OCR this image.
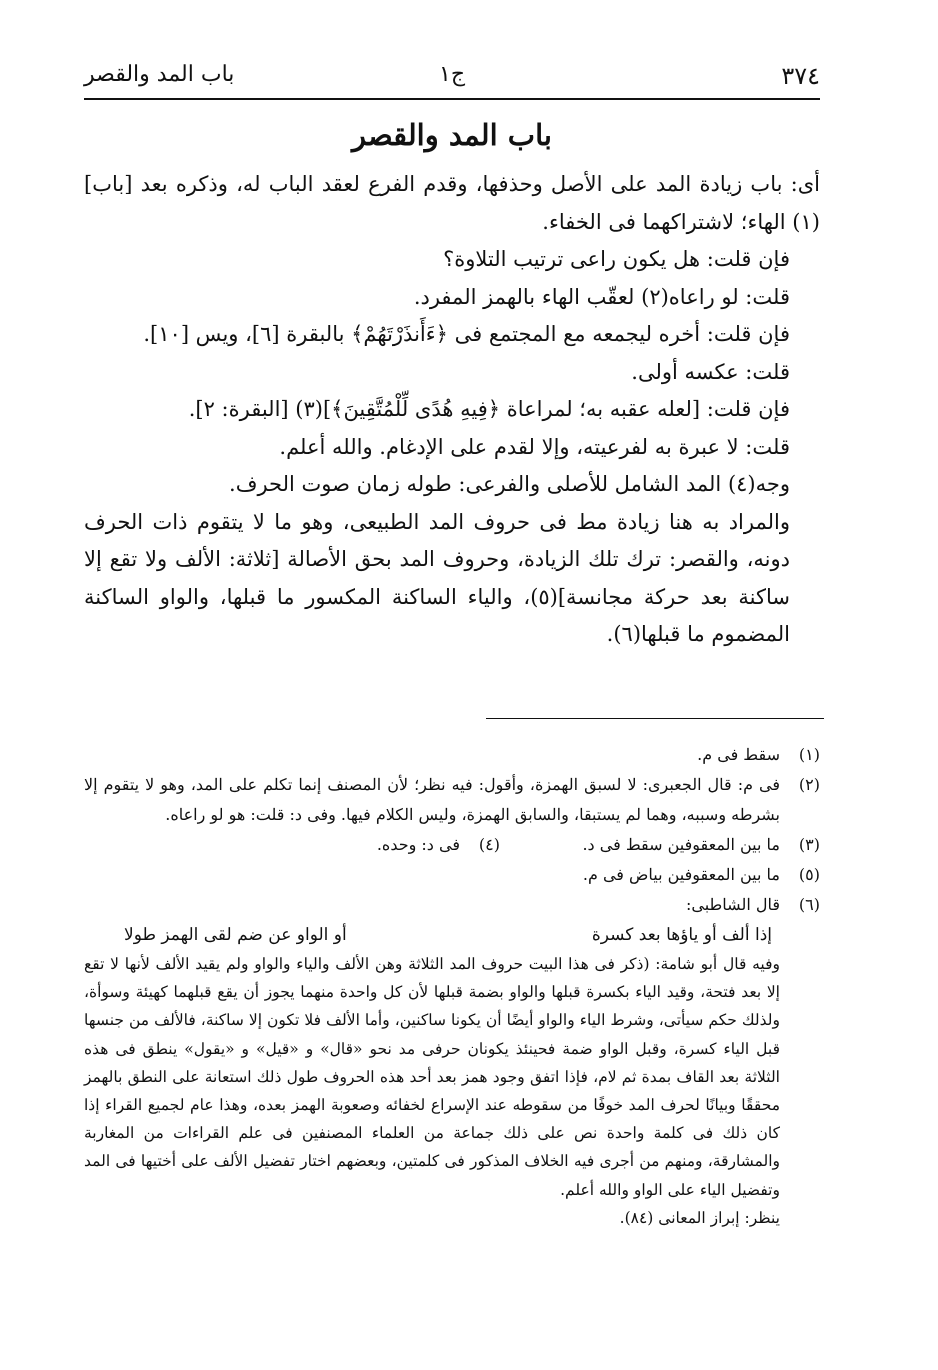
٣٧٤
ج١
باب المد والقصر
باب المد والقصر

أى: باب زيادة المد على الأصل وحذفها، وقدم الفرع لعقد الباب له، وذكره بعد [باب](١) الهاء؛ لاشتراكهما فى الخفاء.

فإن قلت: هل يكون راعى ترتيب التلاوة؟

قلت: لو راعاه(٢) لعقّب الهاء بالهمز المفرد.

فإن قلت: أخره ليجمعه مع المجتمع فى ﴿ءَأَنذَرْتَهُمْ﴾ بالبقرة [٦]، ويس [١٠].

قلت: عكسه أولى.

فإن قلت: [لعله عقبه به؛ لمراعاة ﴿فِيهِ هُدًى لِّلْمُتَّقِينَ﴾](٣) [البقرة: ٢].

قلت: لا عبرة به لفرعيته، وإلا لقدم على الإدغام. والله أعلم.

وجه(٤) المد الشامل للأصلى والفرعى: طوله زمان صوت الحرف.

والمراد به هنا زيادة مط فى حروف المد الطبيعى، وهو ما لا يتقوم ذات الحرف دونه، والقصر: ترك تلك الزيادة، وحروف المد بحق الأصالة [ثلاثة: الألف ولا تقع إلا ساكنة بعد حركة مجانسة](٥)، والياء الساكنة المكسور ما قبلها، والواو الساكنة المضموم ما قبلها(٦).

(١)
سقط فى م.
(٢)
فى م: قال الجعبرى: لا لسبق الهمزة، وأقول: فيه نظر؛ لأن المصنف إنما تكلم على المد، وهو لا يتقوم إلا بشرطه وسببه، وهما لم يستبقا، والسابق الهمزة، وليس الكلام فيها. وفى د: قلت: هو لو راعاه.
(٣)
ما بين المعقوفين سقط فى د.
(٤)
فى د: وحده.
(٥)
ما بين المعقوفين بياض فى م.
(٦)
قال الشاطبى:
إذا ألف أو ياؤها بعد كسرة
أو الواو عن ضم لقى الهمز طولا

وفيه قال أبو شامة: (ذكر فى هذا البيت حروف المد الثلاثة وهن الألف والياء والواو ولم يقيد الألف لأنها لا تقع إلا بعد فتحة، وقيد الياء بكسرة قبلها والواو بضمة قبلها لأن كل واحدة منهما يجوز أن يقع قبلهما كهيئة وسوأة، ولذلك حكم سيأتى، وشرط الياء والواو أيضًا أن يكونا ساكنين، وأما الألف فلا تكون إلا ساكنة، فالألف من جنسها قبل الياء كسرة، وقبل الواو ضمة فحينئذ يكونان حرفى مد نحو «قال» و «قيل» و «يقول» ينطق فى هذه الثلاثة بعد القاف بمدة ثم لام، فإذا اتفق وجود همز بعد أحد هذه الحروف طول ذلك استعانة على النطق بالهمز محققًا وبيانًا لحرف المد خوفًا من سقوطه عند الإسراع لخفائه وصعوبة الهمز بعده، وهذا عام لجميع القراء إذا كان ذلك فى كلمة واحدة نص على ذلك جماعة من العلماء المصنفين فى علم القراءات من المغاربة والمشارقة، ومنهم من أجرى فيه الخلاف المذكور فى كلمتين، وبعضهم اختار تفضيل الألف على أختيها فى المد وتفضيل الياء على الواو والله أعلم.

ينظر: إبراز المعانى (٨٤).
